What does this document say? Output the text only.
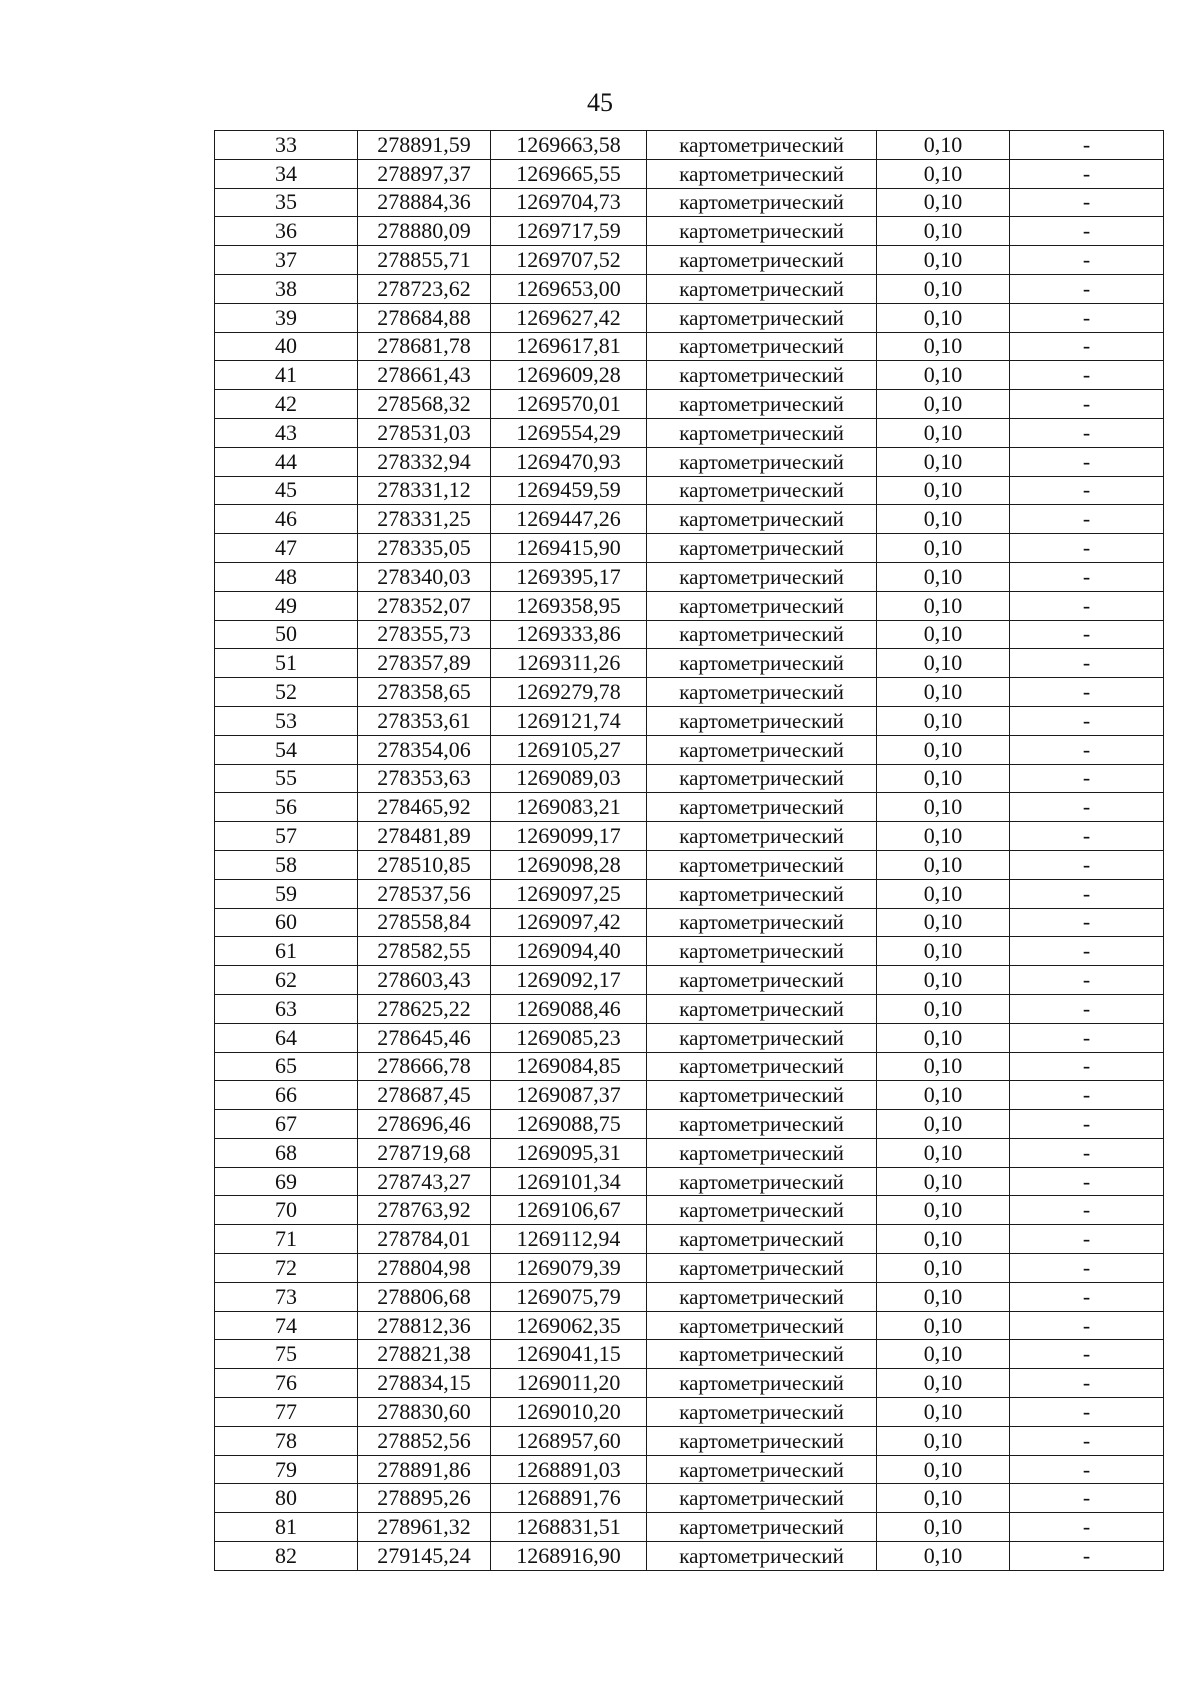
45
33	278891,59	1269663,58	картометрический	0,10	-
34	278897,37	1269665,55	картометрический	0,10	-
35	278884,36	1269704,73	картометрический	0,10	-
36	278880,09	1269717,59	картометрический	0,10	-
37	278855,71	1269707,52	картометрический	0,10	-
38	278723,62	1269653,00	картометрический	0,10	-
39	278684,88	1269627,42	картометрический	0,10	-
40	278681,78	1269617,81	картометрический	0,10	-
41	278661,43	1269609,28	картометрический	0,10	-
42	278568,32	1269570,01	картометрический	0,10	-
43	278531,03	1269554,29	картометрический	0,10	-
44	278332,94	1269470,93	картометрический	0,10	-
45	278331,12	1269459,59	картометрический	0,10	-
46	278331,25	1269447,26	картометрический	0,10	-
47	278335,05	1269415,90	картометрический	0,10	-
48	278340,03	1269395,17	картометрический	0,10	-
49	278352,07	1269358,95	картометрический	0,10	-
50	278355,73	1269333,86	картометрический	0,10	-
51	278357,89	1269311,26	картометрический	0,10	-
52	278358,65	1269279,78	картометрический	0,10	-
53	278353,61	1269121,74	картометрический	0,10	-
54	278354,06	1269105,27	картометрический	0,10	-
55	278353,63	1269089,03	картометрический	0,10	-
56	278465,92	1269083,21	картометрический	0,10	-
57	278481,89	1269099,17	картометрический	0,10	-
58	278510,85	1269098,28	картометрический	0,10	-
59	278537,56	1269097,25	картометрический	0,10	-
60	278558,84	1269097,42	картометрический	0,10	-
61	278582,55	1269094,40	картометрический	0,10	-
62	278603,43	1269092,17	картометрический	0,10	-
63	278625,22	1269088,46	картометрический	0,10	-
64	278645,46	1269085,23	картометрический	0,10	-
65	278666,78	1269084,85	картометрический	0,10	-
66	278687,45	1269087,37	картометрический	0,10	-
67	278696,46	1269088,75	картометрический	0,10	-
68	278719,68	1269095,31	картометрический	0,10	-
69	278743,27	1269101,34	картометрический	0,10	-
70	278763,92	1269106,67	картометрический	0,10	-
71	278784,01	1269112,94	картометрический	0,10	-
72	278804,98	1269079,39	картометрический	0,10	-
73	278806,68	1269075,79	картометрический	0,10	-
74	278812,36	1269062,35	картометрический	0,10	-
75	278821,38	1269041,15	картометрический	0,10	-
76	278834,15	1269011,20	картометрический	0,10	-
77	278830,60	1269010,20	картометрический	0,10	-
78	278852,56	1268957,60	картометрический	0,10	-
79	278891,86	1268891,03	картометрический	0,10	-
80	278895,26	1268891,76	картометрический	0,10	-
81	278961,32	1268831,51	картометрический	0,10	-
82	279145,24	1268916,90	картометрический	0,10	-
